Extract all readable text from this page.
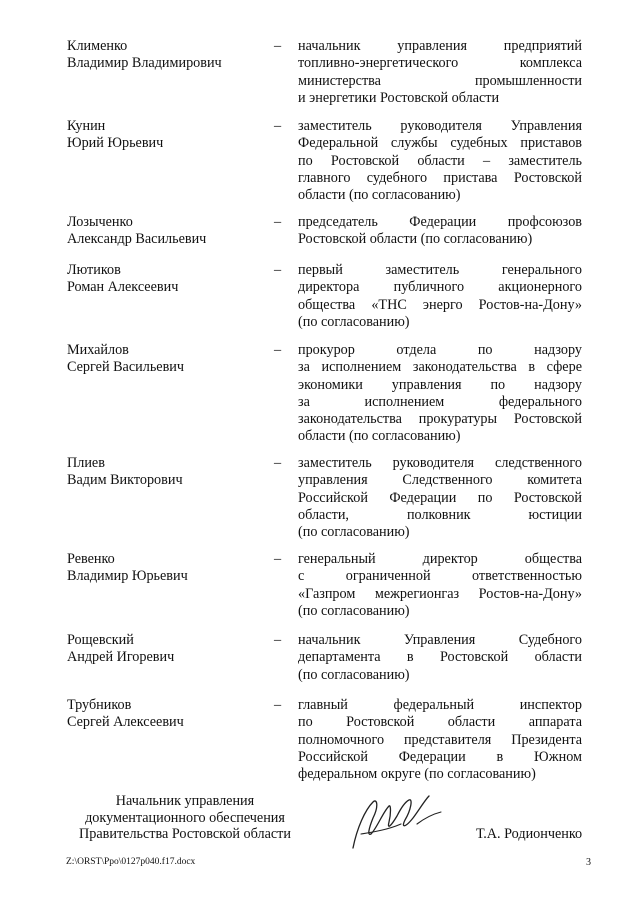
Клименко
Владимир Владимирович
– начальник управления предприятий
топливно-энергетического комплекса
министерства промышленности
и энергетики Ростовской области
Кунин
Юрий Юрьевич
– заместитель руководителя Управления
Федеральной службы судебных приставов
по Ростовской области – заместитель
главного судебного пристава Ростовской
области (по согласованию)
Лозыченко
Александр Васильевич
– председатель Федерации профсоюзов
Ростовской области (по согласованию)
Лютиков
Роман Алексеевич
– первый заместитель генерального
директора публичного акционерного
общества «ТНС энерго Ростов-на-Дону»
(по согласованию)
Михайлов
Сергей Васильевич
– прокурор отдела по надзору
за исполнением законодательства в сфере
экономики управления по надзору
за исполнением федерального
законодательства прокуратуры Ростовской
области (по согласованию)
Плиев
Вадим Викторович
– заместитель руководителя следственного
управления Следственного комитета
Российской Федерации по Ростовской
области, полковник юстиции
(по согласованию)
Ревенко
Владимир Юрьевич
– генеральный директор общества
с ограниченной ответственностью
«Газпром межрегионгаз Ростов-на-Дону»
(по согласованию)
Рощевский
Андрей Игоревич
– начальник Управления Судебного
департамента в Ростовской области
(по согласованию)
Трубников
Сергей Алексеевич
– главный федеральный инспектор
по Ростовской области аппарата
полномочного представителя Президента
Российской Федерации в Южном
федеральном округе (по согласованию)
Начальник управления
документационного обеспечения
Правительства Ростовской области	Т.А. Родионченко
Z:\ORST\Ppo\0127p040.f17.docx	3
